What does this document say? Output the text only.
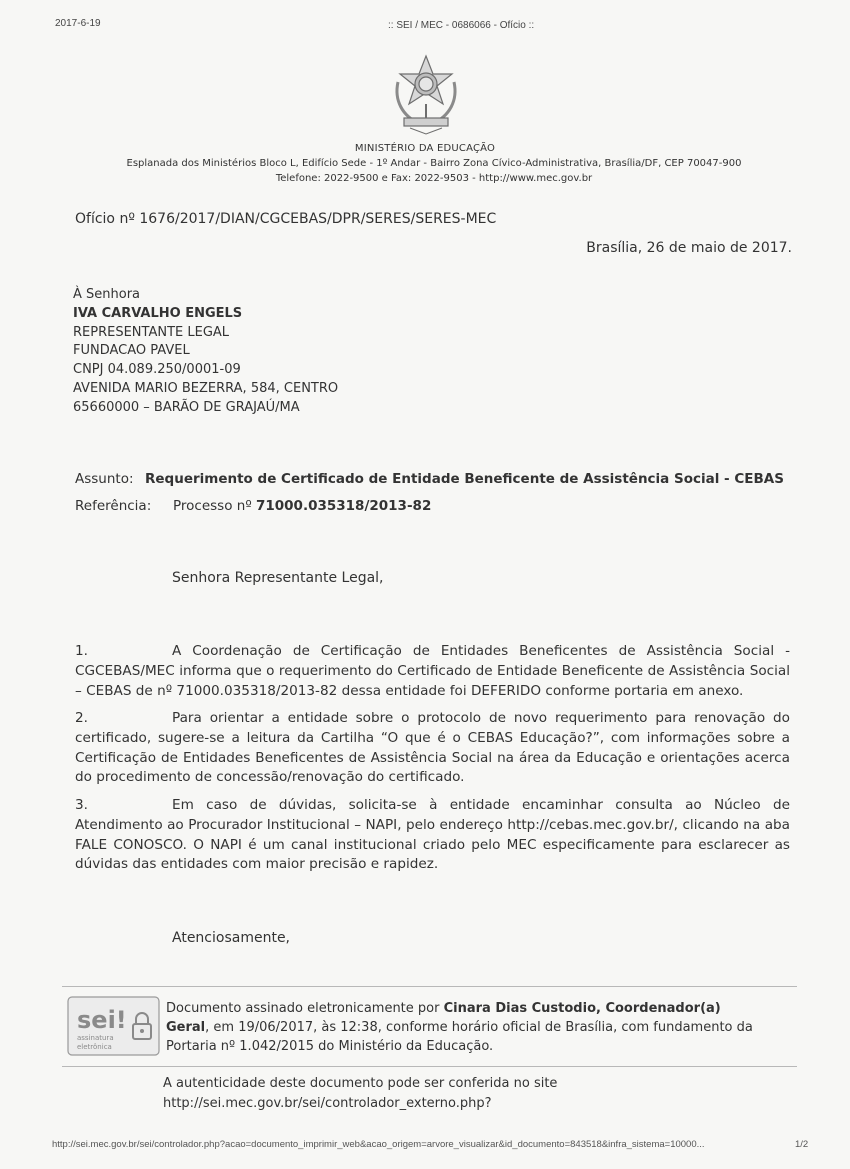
2017-6-19	:: SEI / MEC - 0686066 - Ofício ::
MINISTÉRIO DA EDUCAÇÃO
Esplanada dos Ministérios Bloco L, Edifício Sede - 1º Andar - Bairro Zona Cívico-Administrativa, Brasília/DF, CEP 70047-900
Telefone: 2022-9500 e Fax: 2022-9503 - http://www.mec.gov.br
Ofício nº 1676/2017/DIAN/CGCEBAS/DPR/SERES/SERES-MEC
Brasília, 26 de maio de 2017.
À Senhora
IVA CARVALHO ENGELS
REPRESENTANTE LEGAL
FUNDACAO PAVEL
CNPJ 04.089.250/0001-09
AVENIDA MARIO BEZERRA, 584, CENTRO
65660000 – BARÃO DE GRAJAÚ/MA
Assunto: Requerimento de Certificado de Entidade Beneficente de Assistência Social - CEBAS
Referência: Processo nº 71000.035318/2013-82
Senhora Representante Legal,
1.	A Coordenação de Certificação de Entidades Beneficentes de Assistência Social - CGCEBAS/MEC informa que o requerimento do Certificado de Entidade Beneficente de Assistência Social – CEBAS de nº 71000.035318/2013-82 dessa entidade foi DEFERIDO conforme portaria em anexo.
2.	Para orientar a entidade sobre o protocolo de novo requerimento para renovação do certificado, sugere-se a leitura da Cartilha “O que é o CEBAS Educação?”, com informações sobre a Certificação de Entidades Beneficentes de Assistência Social na área da Educação e orientações acerca do procedimento de concessão/renovação do certificado.
3.	Em caso de dúvidas, solicita-se à entidade encaminhar consulta ao Núcleo de Atendimento ao Procurador Institucional – NAPI, pelo endereço http://cebas.mec.gov.br/, clicando na aba FALE CONOSCO. O NAPI é um canal institucional criado pelo MEC especificamente para esclarecer as dúvidas das entidades com maior precisão e rapidez.
Atenciosamente,
sei!
assinatura
eletrônica
Documento assinado eletronicamente por Cinara Dias Custodio, Coordenador(a) Geral, em 19/06/2017, às 12:38, conforme horário oficial de Brasília, com fundamento da Portaria nº 1.042/2015 do Ministério da Educação.
A autenticidade deste documento pode ser conferida no site
http://sei.mec.gov.br/sei/controlador_externo.php?
http://sei.mec.gov.br/sei/controlador.php?acao=documento_imprimir_web&acao_origem=arvore_visualizar&id_documento=843518&infra_sistema=10000...	1/2
